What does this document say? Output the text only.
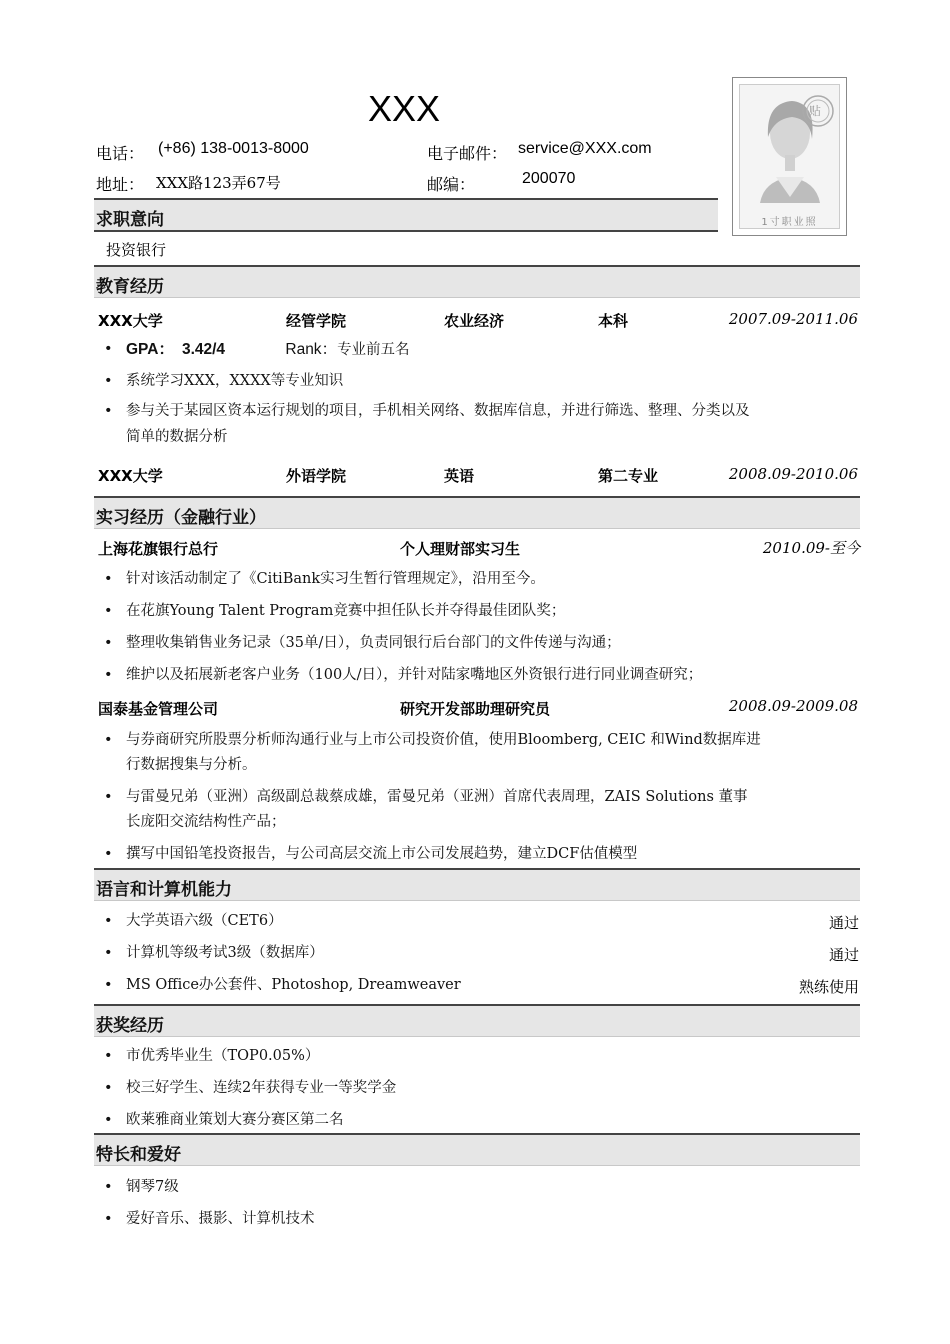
XXX
电话： (+86) 138-0013-8000	电子邮件： service@XXX.com
地址： XXX路123弄67号	邮编：	200070
贴
1寸职业照
求职意向
投资银行
教育经历
XXX大学	经管学院	农业经济	本科	2007.09-2011.06
• GPA： 3.42/4	Rank：专业前五名
• 系统学习XXX，XXXX等专业知识
• 参与关于某园区资本运行规划的项目，手机相关网络、数据库信息，并进行筛选、整理、分类以及
简单的数据分析
XXX大学	外语学院	英语	第二专业	2008.09-2010.06
实习经历（金融行业）
上海花旗银行总行	个人理财部实习生	2010.09-至今
• 针对该活动制定了《CitiBank实习生暂行管理规定》，沿用至今。
• 在花旗Young Talent Program竞赛中担任队长并夺得最佳团队奖；
• 整理收集销售业务记录（35单/日），负责同银行后台部门的文件传递与沟通；
• 维护以及拓展新老客户业务（100人/日），并针对陆家嘴地区外资银行进行同业调查研究；
国泰基金管理公司	研究开发部助理研究员	2008.09-2009.08
• 与券商研究所股票分析师沟通行业与上市公司投资价值，使用Bloomberg, CEIC 和Wind数据库进
行数据搜集与分析。
• 与雷曼兄弟（亚洲）高级副总裁蔡成雄，雷曼兄弟（亚洲）首席代表周理，ZAIS Solutions 董事
长庞阳交流结构性产品；
• 撰写中国铅笔投资报告，与公司高层交流上市公司发展趋势，建立DCF估值模型
语言和计算机能力
• 大学英语六级（CET6）	通过
• 计算机等级考试3级（数据库）	通过
• MS Office办公套件、Photoshop, Dreamweaver	熟练使用
获奖经历
• 市优秀毕业生（TOP0.05%）
• 校三好学生、连续2年获得专业一等奖学金
• 欧莱雅商业策划大赛分赛区第二名
特长和爱好
• 钢琴7级
• 爱好音乐、摄影、计算机技术
